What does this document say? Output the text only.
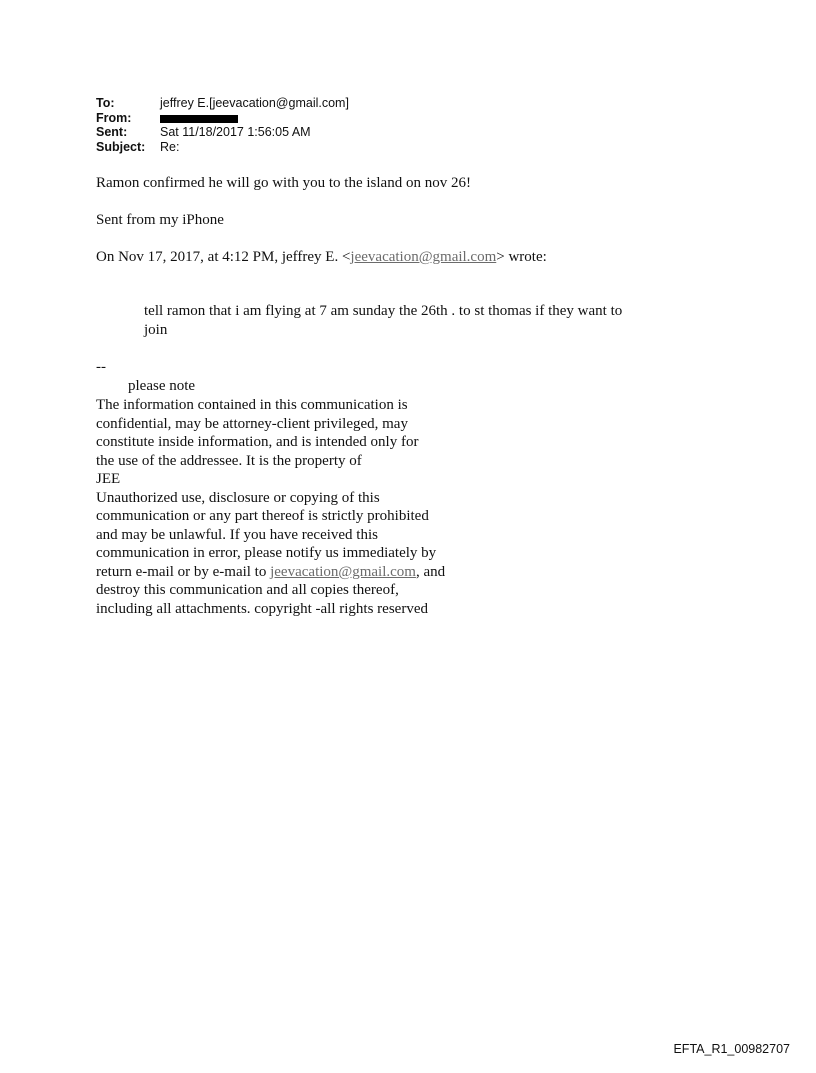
To:	jeffrey E.[jeevacation@gmail.com]
From:
Sent:	Sat 11/18/2017 1:56:05 AM
Subject:	Re:
Ramon confirmed he will go with you to the island on nov 26!
Sent from my iPhone
On Nov 17, 2017, at 4:12 PM, jeffrey E. <jeevacation@gmail.com> wrote:
tell ramon that i am flying at 7 am sunday the 26th . to st thomas if they want to
join
--
please note
The information contained in this communication is
confidential, may be attorney-client privileged, may
constitute inside information, and is intended only for
the use of the addressee. It is the property of
JEE
Unauthorized use, disclosure or copying of this
communication or any part thereof is strictly prohibited
and may be unlawful. If you have received this
communication in error, please notify us immediately by
return e-mail or by e-mail to jeevacation@gmail.com, and
destroy this communication and all copies thereof,
including all attachments. copyright -all rights reserved
EFTA_R1_00982707
